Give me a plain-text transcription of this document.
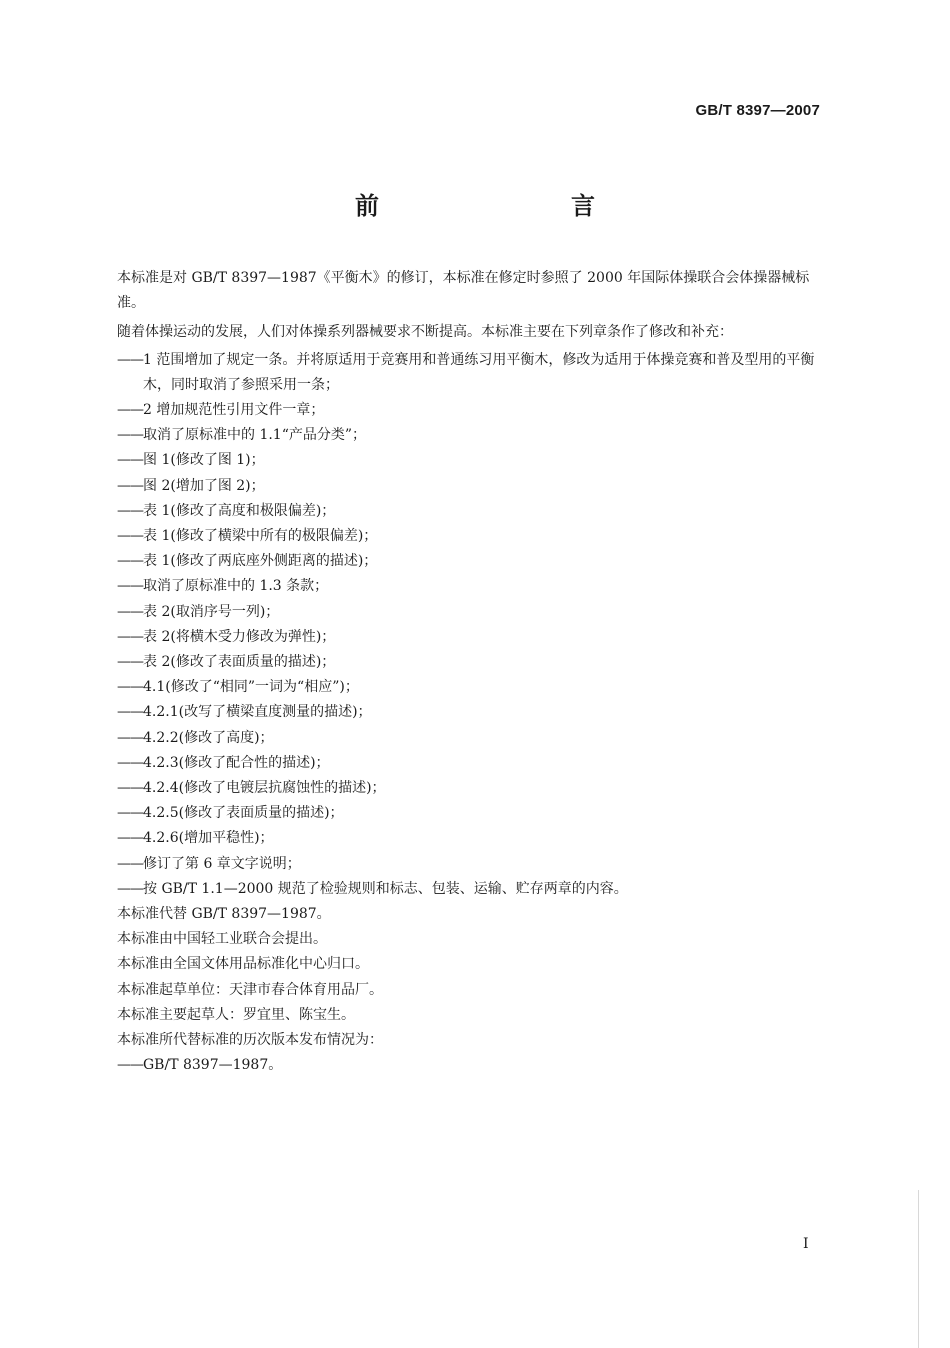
GB/T 8397—2007
前　　言

本标准是对 GB/T 8397—1987《平衡木》的修订，本标准在修定时参照了 2000 年国际体操联合会体操器械标准。

随着体操运动的发展，人们对体操系列器械要求不断提高。本标准主要在下列章条作了修改和补充：

—— 1 范围增加了规定一条。并将原适用于竞赛用和普通练习用平衡木，修改为适用于体操竞赛和普及型用的平衡木，同时取消了参照采用一条；
—— 2 增加规范性引用文件一章；
—— 取消了原标准中的 1.1“产品分类”；
—— 图 1(修改了图 1)；
—— 图 2(增加了图 2)；
—— 表 1(修改了高度和极限偏差)；
—— 表 1(修改了横梁中所有的极限偏差)；
—— 表 1(修改了两底座外侧距离的描述)；
—— 取消了原标准中的 1.3 条款；
—— 表 2(取消序号一列)；
—— 表 2(将横木受力修改为弹性)；
—— 表 2(修改了表面质量的描述)；
—— 4.1(修改了“相同”一词为“相应”)；
—— 4.2.1(改写了横梁直度测量的描述)；
—— 4.2.2(修改了高度)；
—— 4.2.3(修改了配合性的描述)；
—— 4.2.4(修改了电镀层抗腐蚀性的描述)；
—— 4.2.5(修改了表面质量的描述)；
—— 4.2.6(增加平稳性)；
—— 修订了第 6 章文字说明；
—— 按 GB/T 1.1—2000 规范了检验规则和标志、包装、运输、贮存两章的内容。

本标准代替 GB/T 8397—1987。

本标准由中国轻工业联合会提出。

本标准由全国文体用品标准化中心归口。

本标准起草单位：天津市春合体育用品厂。

本标准主要起草人：罗宜里、陈宝生。

本标准所代替标准的历次版本发布情况为：

—— GB/T 8397—1987。
I
